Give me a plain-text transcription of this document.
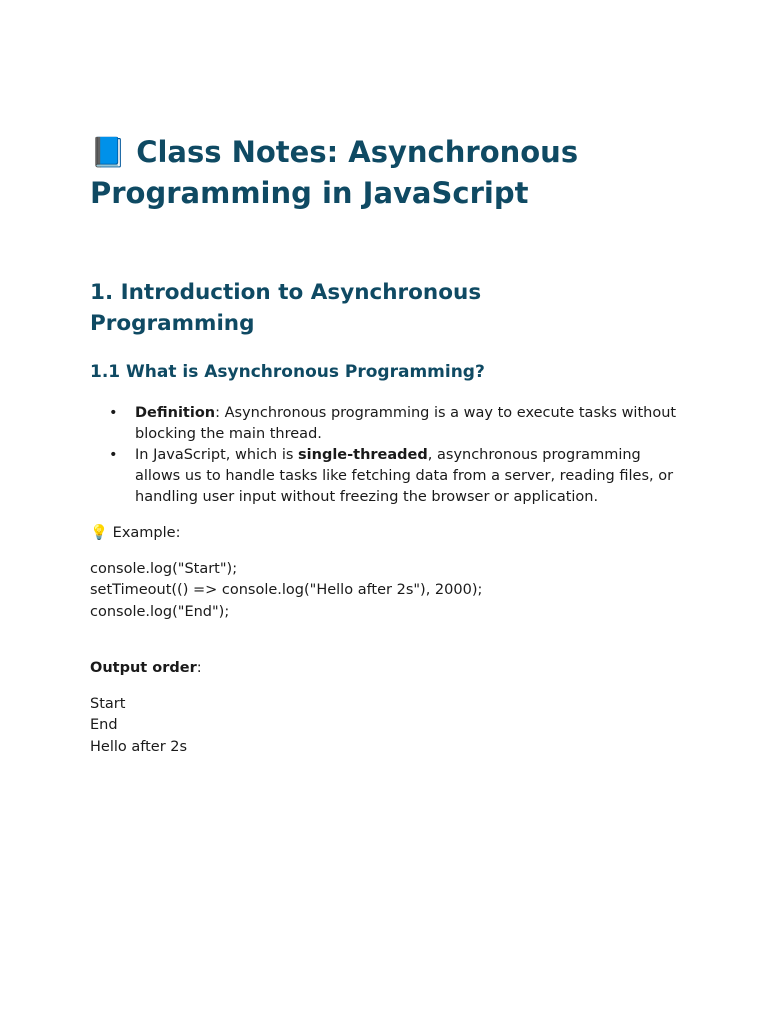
📘 Class Notes: Asynchronous Programming in JavaScript
1. Introduction to Asynchronous Programming
1.1 What is Asynchronous Programming?
• Definition: Asynchronous programming is a way to execute tasks without blocking the main thread.
• In JavaScript, which is single-threaded, asynchronous programming allows us to handle tasks like fetching data from a server, reading files, or handling user input without freezing the browser or application.

💡 Example:

console.log("Start");
setTimeout(() => console.log("Hello after 2s"), 2000);
console.log("End");

Output order:

Start
End
Hello after 2s
